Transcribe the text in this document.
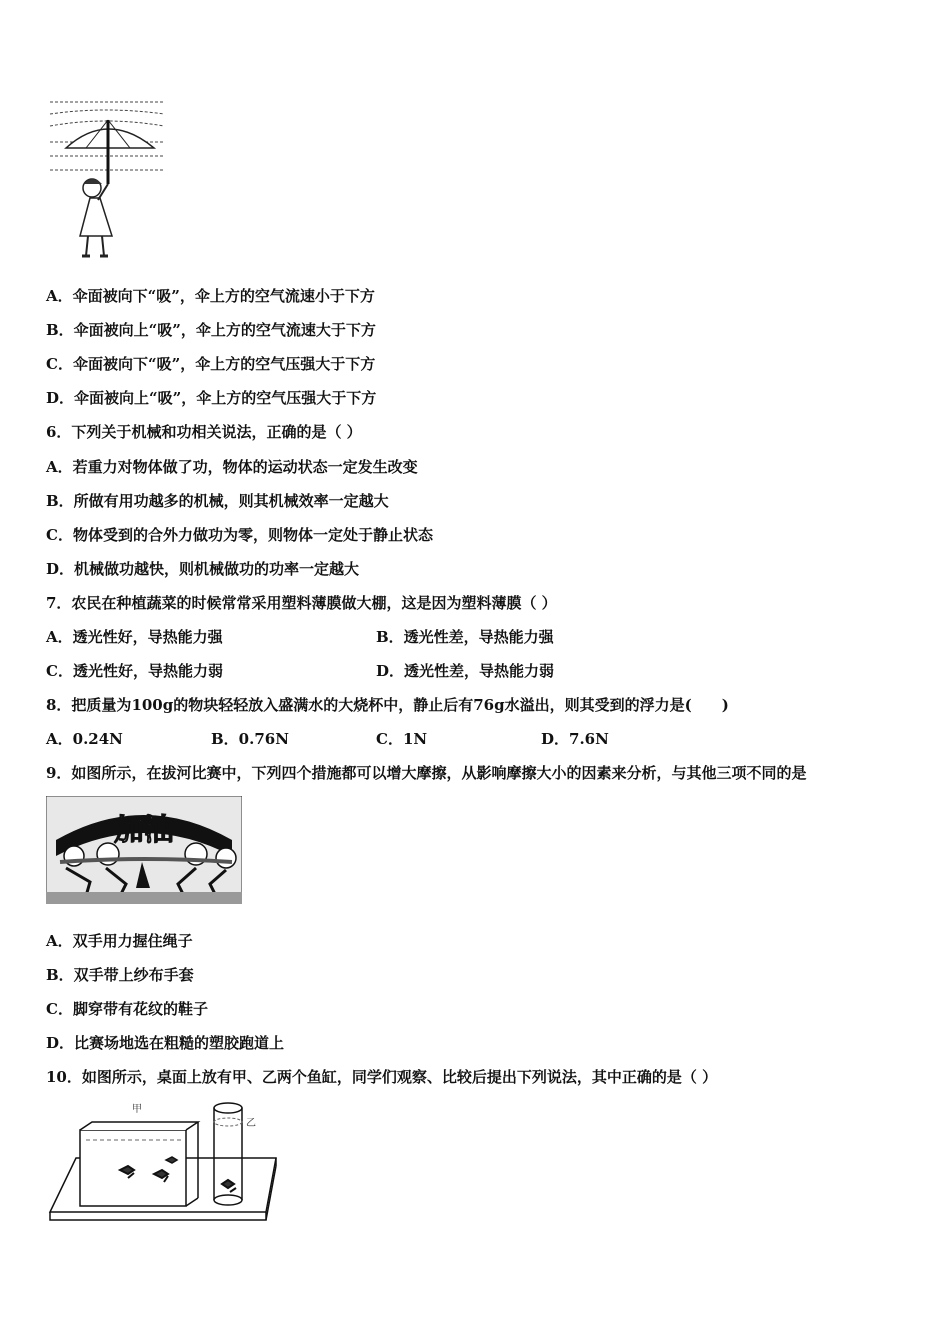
A．伞面被向下“吸”，伞上方的空气流速小于下方
B．伞面被向上“吸”，伞上方的空气流速大于下方
C．伞面被向下“吸”，伞上方的空气压强大于下方
D．伞面被向上“吸”，伞上方的空气压强大于下方
6．下列关于机械和功相关说法，正确的是（ ）
A．若重力对物体做了功，物体的运动状态一定发生改变
B．所做有用功越多的机械，则其机械效率一定越大
C．物体受到的合外力做功为零，则物体一定处于静止状态
D．机械做功越快，则机械做功的功率一定越大
7．农民在种植蔬菜的时候常常采用塑料薄膜做大棚，这是因为塑料薄膜（ ）
A．透光性好，导热能力强	B．透光性差，导热能力强
C．透光性好，导热能力弱	D．透光性差，导热能力弱
8．把质量为100g的物块轻轻放入盛满水的大烧杯中，静止后有76g水溢出，则其受到的浮力是(　　)
A．0.24N	B．0.76N	C．1N	D．7.6N
9．如图所示，在拔河比赛中，下列四个措施都可以增大摩擦，从影响摩擦大小的因素来分析，与其他三项不同的是
加油
A．双手用力握住绳子
B．双手带上纱布手套
C．脚穿带有花纹的鞋子
D．比赛场地选在粗糙的塑胶跑道上
10．如图所示，桌面上放有甲、乙两个鱼缸，同学们观察、比较后提出下列说法，其中正确的是（ ）
甲
乙
